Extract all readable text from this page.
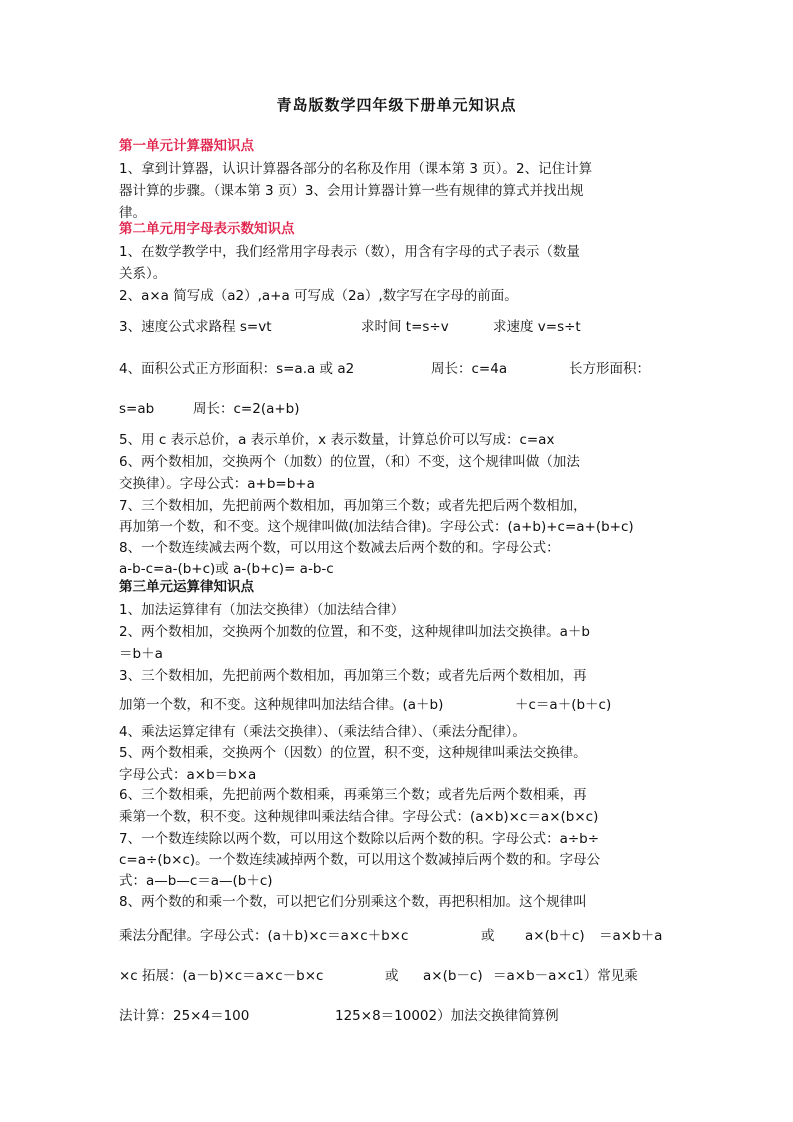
青岛版数学四年级下册单元知识点
第一单元计算器知识点
1、拿到计算器，认识计算器各部分的名称及作用（课本第 3 页）。2、记住计算
器计算的步骤。（课本第 3 页）3、会用计算器计算一些有规律的算式并找出规
律。
第二单元用字母表示数知识点
1、在数学教学中，我们经常用字母表示（数），用含有字母的式子表示（数量
关系）。
2、a×a 简写成（a2）,a+a 可写成（2a）,数字写在字母的前面。
3、速度公式求路程 s=vt	求时间 t=s÷v	求速度 v=s÷t
4、面积公式正方形面积：s=a.a 或 a2	周长：c=4a	长方形面积：
s=ab	周长：c=2(a+b)
5、用 c 表示总价，a 表示单价，x 表示数量，计算总价可以写成：c=ax
6、两个数相加，交换两个（加数）的位置，（和）不变，这个规律叫做（加法
交换律）。字母公式：a+b=b+a
7、三个数相加，先把前两个数相加，再加第三个数；或者先把后两个数相加，
再加第一个数，和不变。这个规律叫做(加法结合律)。字母公式：(a+b)+c=a+(b+c)
8、一个数连续减去两个数，可以用这个数减去后两个数的和。字母公式：
a-b-c=a-(b+c)或 a-(b+c)= a-b-c
第三单元运算律知识点
1、加法运算律有（加法交换律）（加法结合律）
2、两个数相加，交换两个加数的位置，和不变，这种规律叫加法交换律。a＋b
＝b＋a
3、三个数相加，先把前两个数相加，再加第三个数；或者先后两个数相加，再
加第一个数，和不变。这种规律叫加法结合律。(a＋b)	＋c＝a＋(b＋c)
4、乘法运算定律有（乘法交换律）、（乘法结合律）、（乘法分配律）。
5、两个数相乘，交换两个（因数）的位置，积不变，这种规律叫乘法交换律。
字母公式：a×b＝b×a
6、三个数相乘，先把前两个数相乘，再乘第三个数；或者先后两个数相乘，再
乘第一个数，积不变。这种规律叫乘法结合律。字母公式：(a×b)×c＝a×(b×c)
7、一个数连续除以两个数，可以用这个数除以后两个数的积。字母公式：a÷b÷
c=a÷(b×c)。一个数连续减掉两个数，可以用这个数减掉后两个数的和。字母公
式：a—b—c＝a—(b＋c)
8、两个数的和乘一个数，可以把它们分别乘这个数，再把积相加。这个规律叫
乘法分配律。字母公式：(a＋b)×c＝a×c＋b×c	或 a×(b＋c) ＝a×b＋a
×c 拓展：(a－b)×c＝a×c－b×c	或 a×(b－c) ＝a×b－a×c1）常见乘
法计算：25×4＝100	125×8＝10002）加法交换律简算例
